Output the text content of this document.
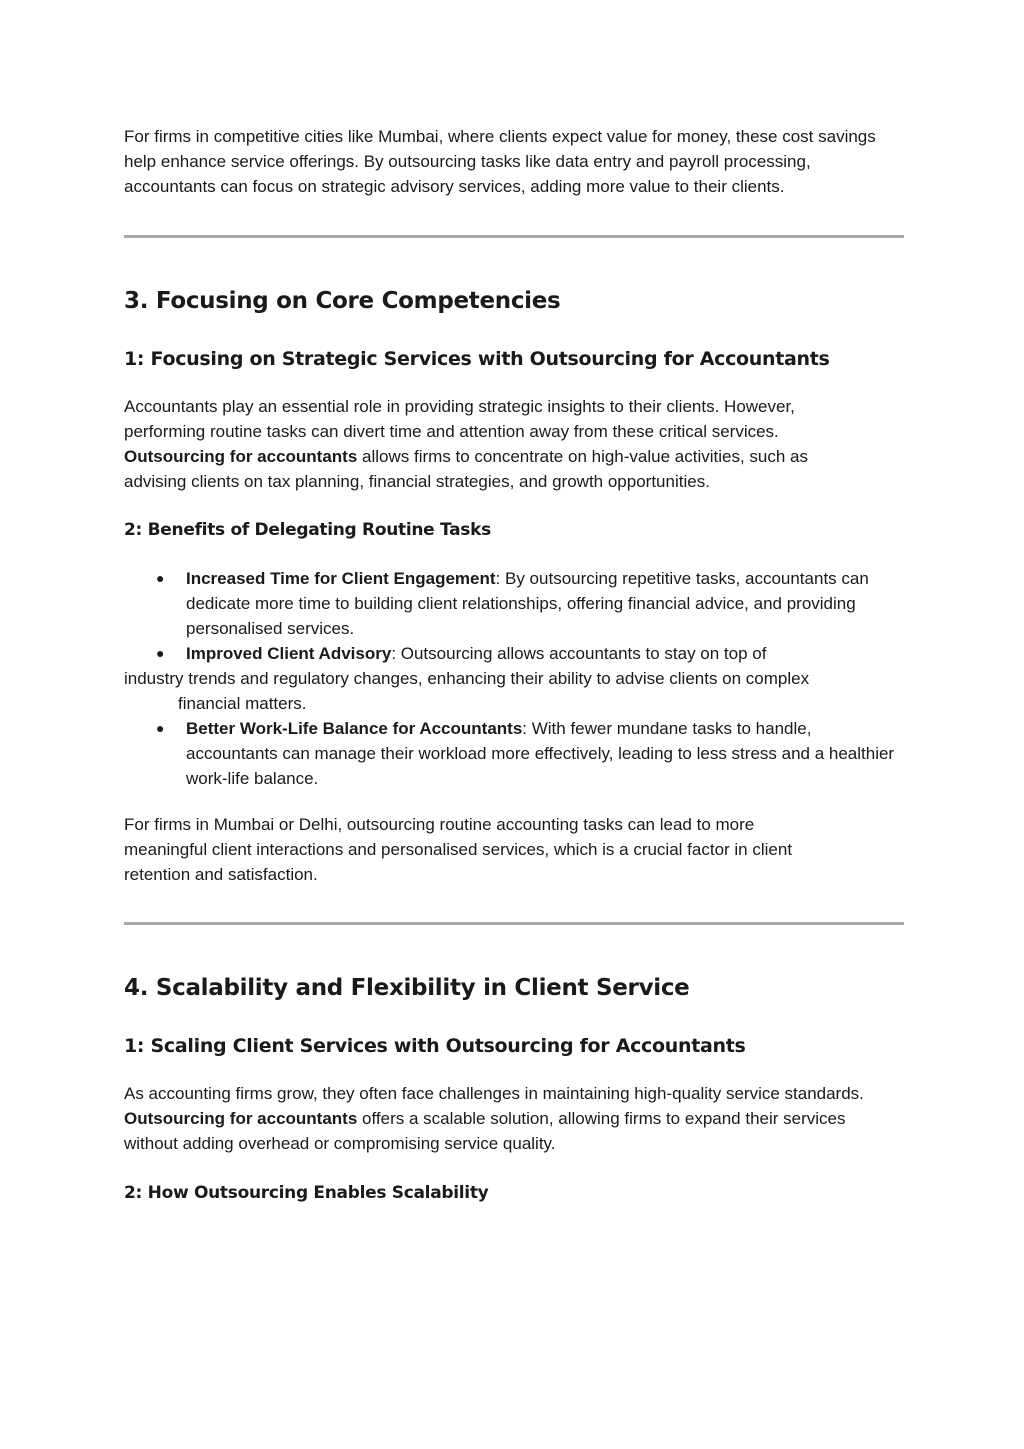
For firms in competitive cities like Mumbai, where clients expect value for money, these cost savings help enhance service offerings. By outsourcing tasks like data entry and payroll processing, accountants can focus on strategic advisory services, adding more value to their clients.

3. Focusing on Core Competencies
1: Focusing on Strategic Services with Outsourcing for Accountants

Accountants play an essential role in providing strategic insights to their clients. However,
performing routine tasks can divert time and attention away from these critical services.

Outsourcing for accountants allows firms to concentrate on high-value activities, such as
advising clients on tax planning, financial strategies, and growth opportunities.

2: Benefits of Delegating Routine Tasks
● Increased Time for Client Engagement: By outsourcing repetitive tasks, accountants can dedicate more time to building client relationships, offering financial advice, and providing personalised services.
● Improved Client Advisory: Outsourcing allows accountants to stay on top of
industry trends and regulatory changes, enhancing their ability to advise clients on complex
financial matters.
● Better Work-Life Balance for Accountants: With fewer mundane tasks to handle, accountants can manage their workload more effectively, leading to less stress and a healthier work-life balance.

For firms in Mumbai or Delhi, outsourcing routine accounting tasks can lead to more
meaningful client interactions and personalised services, which is a crucial factor in client
retention and satisfaction.

4. Scalability and Flexibility in Client Service
1: Scaling Client Services with Outsourcing for Accountants

As accounting firms grow, they often face challenges in maintaining high-quality service standards. Outsourcing for accountants offers a scalable solution, allowing firms to expand their services without adding overhead or compromising service quality.

2: How Outsourcing Enables Scalability
